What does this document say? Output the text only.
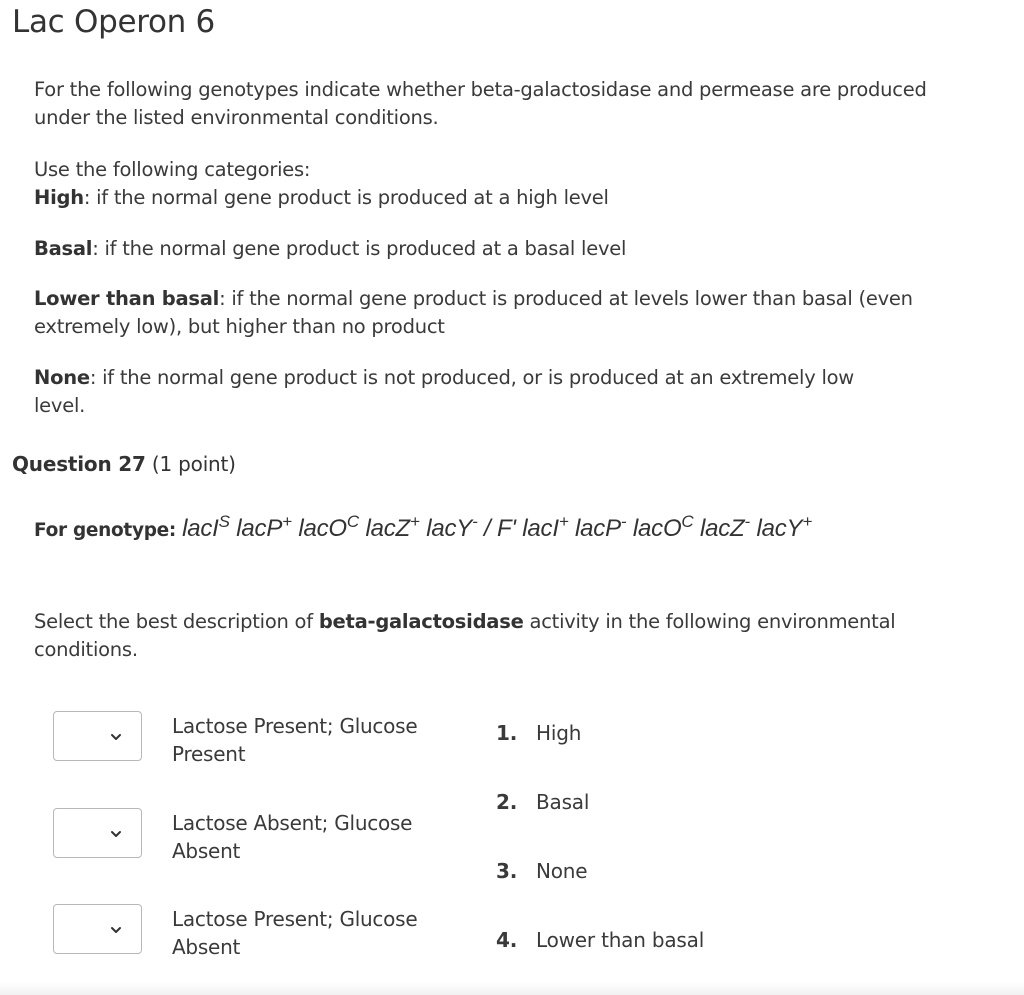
Lac Operon 6
For the following genotypes indicate whether beta-galactosidase and permease are produced under the listed environmental conditions.
Use the following categories:
High: if the normal gene product is produced at a high level
Basal: if the normal gene product is produced at a basal level
Lower than basal: if the normal gene product is produced at levels lower than basal (even extremely low), but higher than no product
None: if the normal gene product is not produced, or is produced at an extremely low level.
Question 27 (1 point)
For genotype: lacI$^S$ lacP+ lacO$^C$ lacZ+ lacY- / F' lacI+ lacP- lacO$^C$ lacZ- lacY+
Select the best description of beta-galactosidase activity in the following environmental conditions.
Lactose Present; Glucose Present
Lactose Absent; Glucose Absent
Lactose Present; Glucose Absent
1. High
2. Basal
3. None
4. Lower than basal
